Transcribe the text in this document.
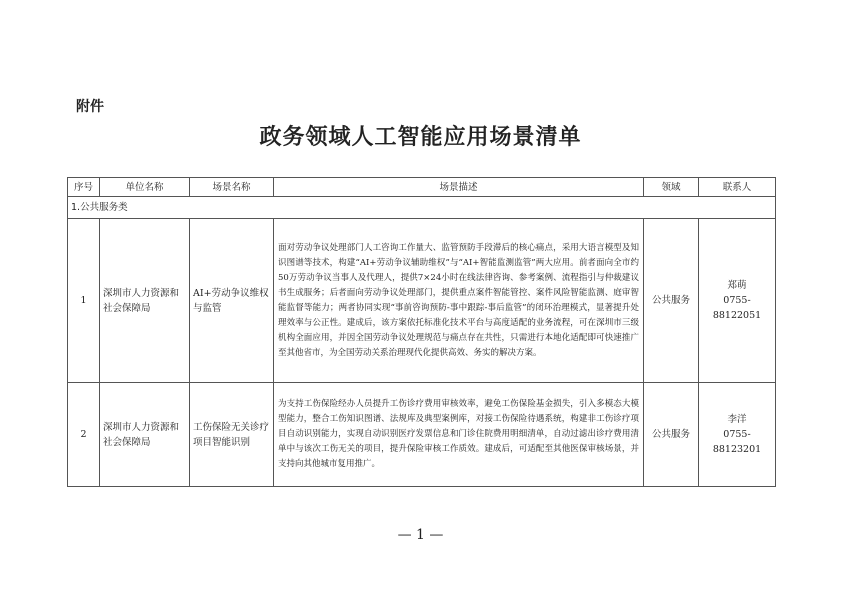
附件
政务领域人工智能应用场景清单
序号	单位名称	场景名称	场景描述	领域	联系人
1.公共服务类					
1	深圳市人力资源和社会保障局	AI+劳动争议维权与监管	面对劳动争议处理部门人工咨询工作量大、监管预防手段滞后的核心痛点，采用大语言模型及知识图谱等技术，构建“AI+劳动争议辅助维权”与“AI+智能监测监管”两大应用。前者面向全市约50万劳动争议当事人及代理人，提供7×24小时在线法律咨询、参考案例、流程指引与仲裁建议书生成服务；后者面向劳动争议处理部门，提供重点案件智能管控、案件风险智能监测、庭审智能监督等能力；两者协同实现“事前咨询预防-事中跟踪-事后监管”的闭环治理模式，显著提升处理效率与公正性。建成后，该方案依托标准化技术平台与高度适配的业务流程，可在深圳市三级机构全面应用，并因全国劳动争议处理规范与痛点存在共性，只需进行本地化适配即可快速推广至其他省市，为全国劳动关系治理现代化提供高效、务实的解决方案。	公共服务	郑萌
0755-88122051

2	深圳市人力资源和社会保障局	工伤保险无关诊疗项目智能识别	为支持工伤保险经办人员提升工伤诊疗费用审核效率，避免工伤保险基金损失，引入多模态大模型能力，整合工伤知识图谱、法规库及典型案例库，对接工伤保险待遇系统，构建非工伤诊疗项目自动识别能力，实现自动识别医疗发票信息和门诊住院费用明细清单，自动过滤出诊疗费用清单中与该次工伤无关的项目，提升保险审核工作质效。建成后，可适配至其他医保审核场景，并支持向其他城市复用推广。	公共服务	李洋
0755-88123201
— 1 —
